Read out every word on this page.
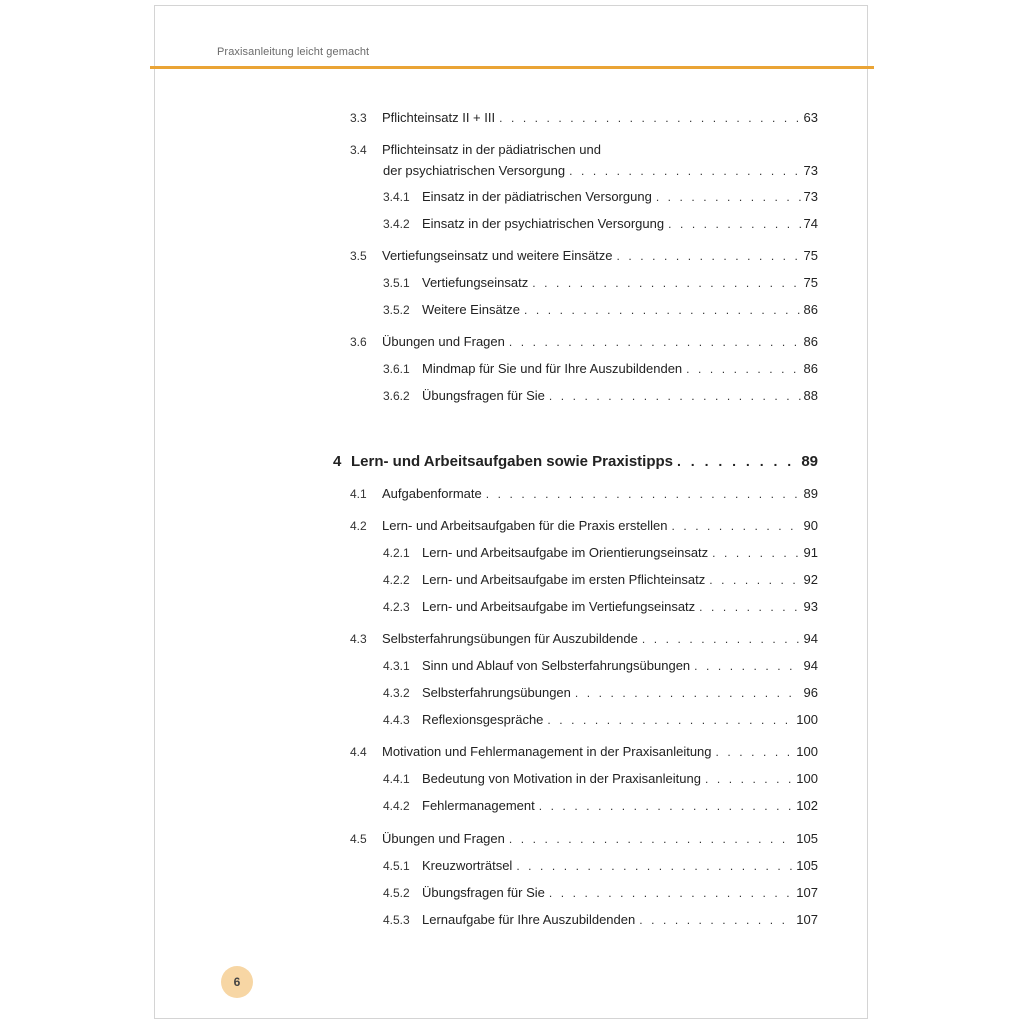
Praxisanleitung leicht gemacht
3.3	Pflichteinsatz II + III . . .	63
3.4 Pflichteinsatz in der pädiatrischen und
der psychiatrischen Versorgung . . .	73
3.4.1 Einsatz in der pädiatrischen Versorgung . . .	73
3.4.2 Einsatz in der psychiatrischen Versorgung . . .	74
3.5	Vertiefungseinsatz und weitere Einsätze . . .	75
3.5.1 Vertiefungseinsatz . . .	75
3.5.2 Weitere Einsätze . . .	86
3.6	Übungen und Fragen . . .	86
3.6.1 Mindmap für Sie und für Ihre Auszubildenden . . .	86
3.6.2 Übungsfragen für Sie . . .	88
4 Lern- und Arbeitsaufgaben sowie Praxistipps . . .	89
4.1	Aufgabenformate . . .	89
4.2	Lern- und Arbeitsaufgaben für die Praxis erstellen . . .	90
4.2.1 Lern- und Arbeitsaufgabe im Orientierungseinsatz . . .	91
4.2.2 Lern- und Arbeitsaufgabe im ersten Pflichteinsatz . . .	92
4.2.3 Lern- und Arbeitsaufgabe im Vertiefungseinsatz . . .	93
4.3	Selbsterfahrungsübungen für Auszubildende . . .	94
4.3.1 Sinn und Ablauf von Selbsterfahrungsübungen . . .	94
4.3.2 Selbsterfahrungsübungen . . .	96
4.4.3 Reflexionsgespräche . . .	100
4.4	Motivation und Fehlermanagement in der Praxisanleitung . . .	100
4.4.1 Bedeutung von Motivation in der Praxisanleitung . . .	100
4.4.2 Fehlermanagement . . .	102
4.5	Übungen und Fragen . . .	105
4.5.1 Kreuzworträtsel . . .	105
4.5.2 Übungsfragen für Sie . . .	107
4.5.3 Lernaufgabe für Ihre Auszubildenden . . .	107
6
